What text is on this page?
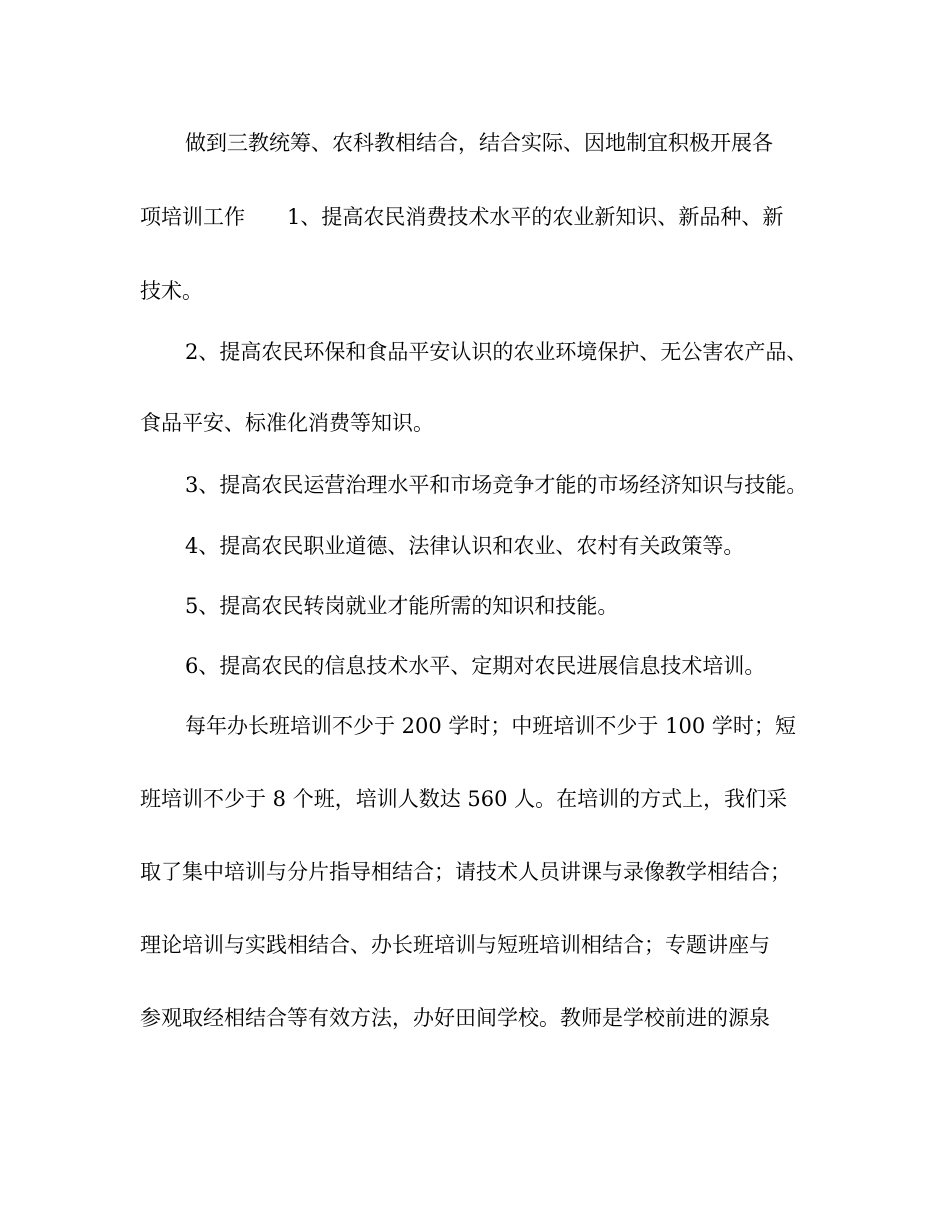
做到三教统筹、农科教相结合，结合实际、因地制宜积极开展各
项培训工作　　1、提高农民消费技术水平的农业新知识、新品种、新
技术。
2、提高农民环保和食品平安认识的农业环境保护、无公害农产品、
食品平安、标准化消费等知识。
3、提高农民运营治理水平和市场竞争才能的市场经济知识与技能。
4、提高农民职业道德、法律认识和农业、农村有关政策等。
5、提高农民转岗就业才能所需的知识和技能。
6、提高农民的信息技术水平、定期对农民进展信息技术培训。
每年办长班培训不少于 200 学时；中班培训不少于 100 学时；短
班培训不少于 8 个班，培训人数达 560 人。在培训的方式上，我们采
取了集中培训与分片指导相结合；请技术人员讲课与录像教学相结合；
理论培训与实践相结合、办长班培训与短班培训相结合；专题讲座与
参观取经相结合等有效方法，办好田间学校。教师是学校前进的源泉
